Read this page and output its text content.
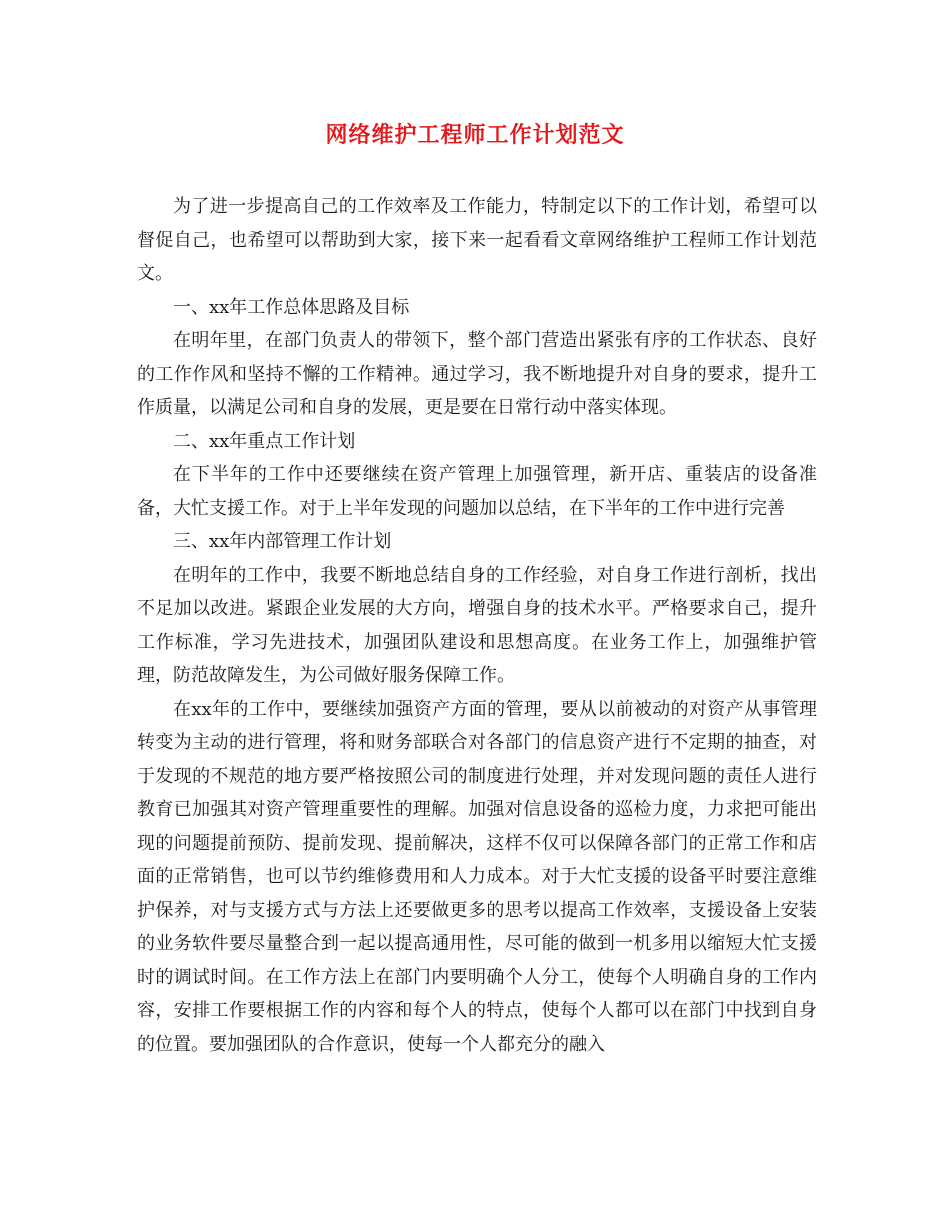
网络维护工程师工作计划范文

为了进一步提高自己的工作效率及工作能力，特制定以下的工作计划，希望可以督促自己，也希望可以帮助到大家，接下来一起看看文章网络维护工程师工作计划范文。

一、xx年工作总体思路及目标

在明年里，在部门负责人的带领下，整个部门营造出紧张有序的工作状态、良好的工作作风和坚持不懈的工作精神。通过学习，我不断地提升对自身的要求，提升工作质量，以满足公司和自身的发展，更是要在日常行动中落实体现。

二、xx年重点工作计划

在下半年的工作中还要继续在资产管理上加强管理，新开店、重装店的设备准备，大忙支援工作。对于上半年发现的问题加以总结，在下半年的工作中进行完善

三、xx年内部管理工作计划

在明年的工作中，我要不断地总结自身的工作经验，对自身工作进行剖析，找出不足加以改进。紧跟企业发展的大方向，增强自身的技术水平。严格要求自己，提升工作标准，学习先进技术，加强团队建设和思想高度。在业务工作上，加强维护管理，防范故障发生，为公司做好服务保障工作。

在xx年的工作中，要继续加强资产方面的管理，要从以前被动的对资产从事管理转变为主动的进行管理，将和财务部联合对各部门的信息资产进行不定期的抽查，对于发现的不规范的地方要严格按照公司的制度进行处理，并对发现问题的责任人进行教育已加强其对资产管理重要性的理解。加强对信息设备的巡检力度，力求把可能出现的问题提前预防、提前发现、提前解决，这样不仅可以保障各部门的正常工作和店面的正常销售，也可以节约维修费用和人力成本。对于大忙支援的设备平时要注意维护保养，对与支援方式与方法上还要做更多的思考以提高工作效率，支援设备上安装的业务软件要尽量整合到一起以提高通用性，尽可能的做到一机多用以缩短大忙支援时的调试时间。在工作方法上在部门内要明确个人分工，使每个人明确自身的工作内容，安排工作要根据工作的内容和每个人的特点，使每个人都可以在部门中找到自身的位置。要加强团队的合作意识，使每一个人都充分的融入
